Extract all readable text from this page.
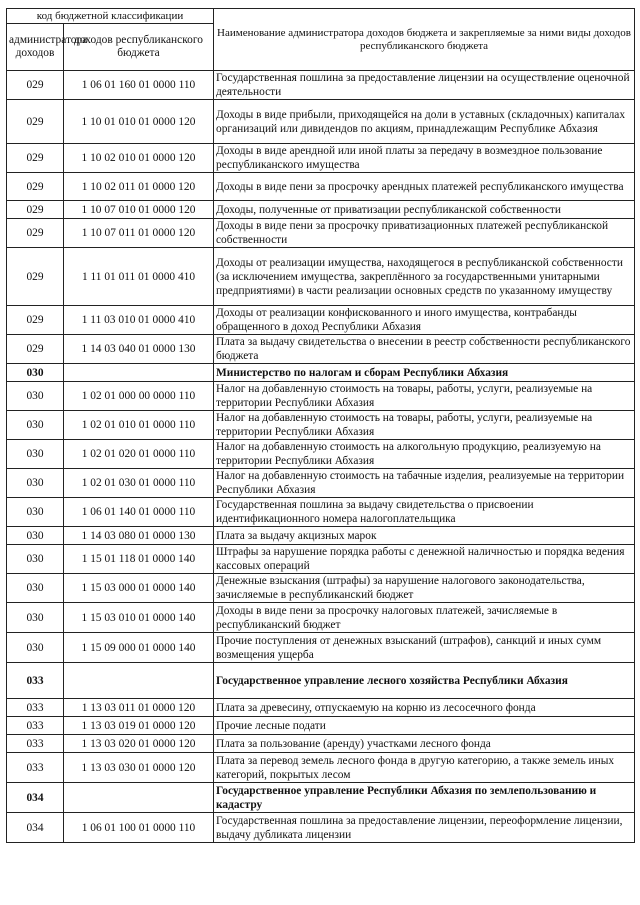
код бюджетной классификации		Наименование администратора доходов бюджета и закрепляемые за ними виды доходов республиканского бюджета
администратора доходов	доходов республиканского бюджета	
029	1 06 01 160 01 0000 110	Государственная пошлина за предоставление лицензии на осуществление оценочной деятельности
029	1 10 01 010 01 0000 120	Доходы в виде прибыли, приходящейся на доли в уставных (складочных) капиталах организаций или дивидендов по акциям, принадлежащим Республике Абхазия
029	1 10 02 010 01 0000 120	Доходы в виде арендной или иной платы за передачу в возмездное пользование республиканского имущества
029	1 10 02 011 01 0000 120	Доходы в виде пени за просрочку арендных платежей республиканского имущества
029	1 10 07 010 01 0000 120	Доходы, полученные от приватизации республиканской собственности
029	1 10 07 011 01 0000 120	Доходы в виде пени за просрочку приватизационных платежей республиканской собственности
029	1 11 01 011 01 0000 410	Доходы от реализации имущества, находящегося в республиканской собственности (за исключением имущества, закреплённого за государственными унитарными предприятиями) в части реализации основных средств по указанному имуществу
029	1 11 03 010 01 0000 410	Доходы от реализации конфискованного и иного имущества, контрабанды обращенного в доход Республики Абхазия
029	1 14 03 040 01 0000 130	Плата за выдачу свидетельства о внесении в реестр собственности республиканского бюджета
030		Министерство по налогам и сборам Республики Абхазия
030	1 02 01 000 00 0000 110	Налог на добавленную стоимость на товары, работы, услуги, реализуемые на территории Республики Абхазия
030	1 02 01 010 01 0000 110	Налог на добавленную стоимость на товары, работы, услуги, реализуемые на территории Республики Абхазия
030	1 02 01 020 01 0000 110	Налог на добавленную стоимость на алкогольную продукцию, реализуемую на территории Республики Абхазия
030	1 02 01 030 01 0000 110	Налог на добавленную стоимость на табачные изделия, реализуемые на территории Республики Абхазия
030	1 06 01 140 01 0000 110	Государственная пошлина за выдачу свидетельства о присвоении идентификационного номера налогоплательщика
030	1 14 03 080 01 0000 130	Плата за выдачу акцизных марок
030	1 15 01 118 01 0000 140	Штрафы за нарушение порядка работы с денежной наличностью и порядка ведения кассовых операций
030	1 15 03 000 01 0000 140	Денежные взыскания (штрафы) за нарушение налогового законодательства, зачисляемые в республиканский бюджет
030	1 15 03 010 01 0000 140	Доходы в виде пени за просрочку налоговых платежей, зачисляемые в республиканский бюджет
030	1 15 09 000 01 0000 140	Прочие поступления от денежных взысканий (штрафов), санкций и иных сумм возмещения ущерба
033		Государственное управление лесного хозяйства Республики Абхазия
033	1 13 03 011 01 0000 120	Плата за древесину, отпускаемую на корню из лесосечного фонда
033	1 13 03 019 01 0000 120	Прочие лесные подати
033	1 13 03 020 01 0000 120	Плата за пользование (аренду) участками лесного фонда
033	1 13 03 030 01 0000 120	Плата за перевод земель лесного фонда в другую категорию, а также земель иных категорий, покрытых лесом
034		Государственное управление Республики Абхазия по землепользованию и кадастру
034	1 06 01 100 01 0000 110	Государственная пошлина за предоставление лицензии, переоформление лицензии, выдачу дубликата лицензии
